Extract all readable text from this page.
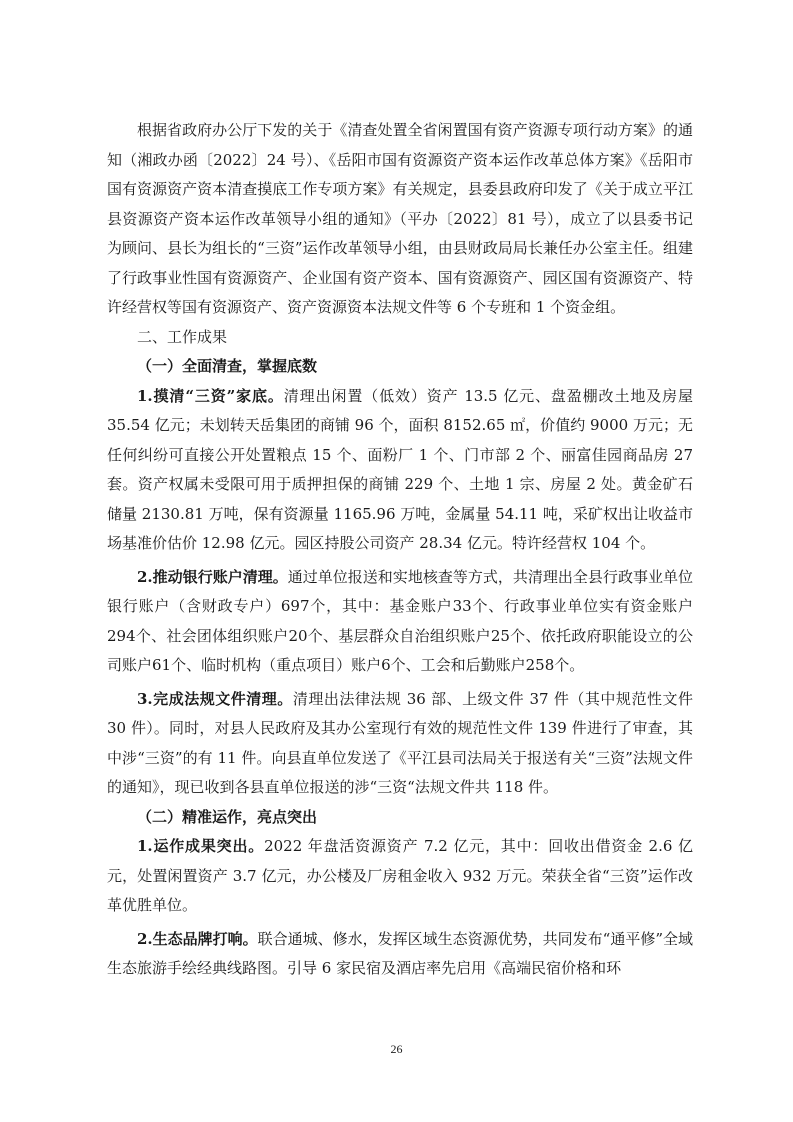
根据省政府办公厅下发的关于《清查处置全省闲置国有资产资源专项行动方案》的通知（湘政办函〔2022〕24 号）、《岳阳市国有资源资产资本运作改革总体方案》《岳阳市国有资源资产资本清查摸底工作专项方案》有关规定，县委县政府印发了《关于成立平江县资源资产资本运作改革领导小组的通知》（平办〔2022〕81 号），成立了以县委书记为顾问、县长为组长的“三资”运作改革领导小组，由县财政局局长兼任办公室主任。组建了行政事业性国有资源资产、企业国有资产资本、国有资源资产、园区国有资源资产、特许经营权等国有资源资产、资产资源资本法规文件等 6 个专班和 1 个资金组。

二、工作成果

（一）全面清查，掌握底数

1.摸清“三资”家底。清理出闲置（低效）资产 13.5 亿元、盘盈棚改土地及房屋 35.54 亿元；未划转天岳集团的商铺 96 个，面积 8152.65 ㎡，价值约 9000 万元；无任何纠纷可直接公开处置粮点 15 个、面粉厂 1 个、门市部 2 个、丽富佳园商品房 27 套。资产权属未受限可用于质押担保的商铺 229 个、土地 1 宗、房屋 2 处。黄金矿石储量 2130.81 万吨，保有资源量 1165.96 万吨，金属量 54.11 吨，采矿权出让收益市场基准价估价 12.98 亿元。园区持股公司资产 28.34 亿元。特许经营权 104 个。

2.推动银行账户清理。通过单位报送和实地核查等方式，共清理出全县行政事业单位银行账户（含财政专户）697个，其中：基金账户33个、行政事业单位实有资金账户294个、社会团体组织账户20个、基层群众自治组织账户25个、依托政府职能设立的公司账户61个、临时机构（重点项目）账户6个、工会和后勤账户258个。

3.完成法规文件清理。清理出法律法规 36 部、上级文件 37 件（其中规范性文件 30 件）。同时，对县人民政府及其办公室现行有效的规范性文件 139 件进行了审查，其中涉“三资”的有 11 件。向县直单位发送了《平江县司法局关于报送有关“三资”法规文件的通知》，现已收到各县直单位报送的涉“三资“法规文件共 118 件。

（二）精准运作，亮点突出

1.运作成果突出。2022 年盘活资源资产 7.2 亿元，其中：回收出借资金 2.6 亿元，处置闲置资产 3.7 亿元，办公楼及厂房租金收入 932 万元。荣获全省“三资”运作改革优胜单位。

2.生态品牌打响。联合通城、修水，发挥区域生态资源优势，共同发布“通平修”全域生态旅游手绘经典线路图。引导 6 家民宿及酒店率先启用《高端民宿价格和环

26
